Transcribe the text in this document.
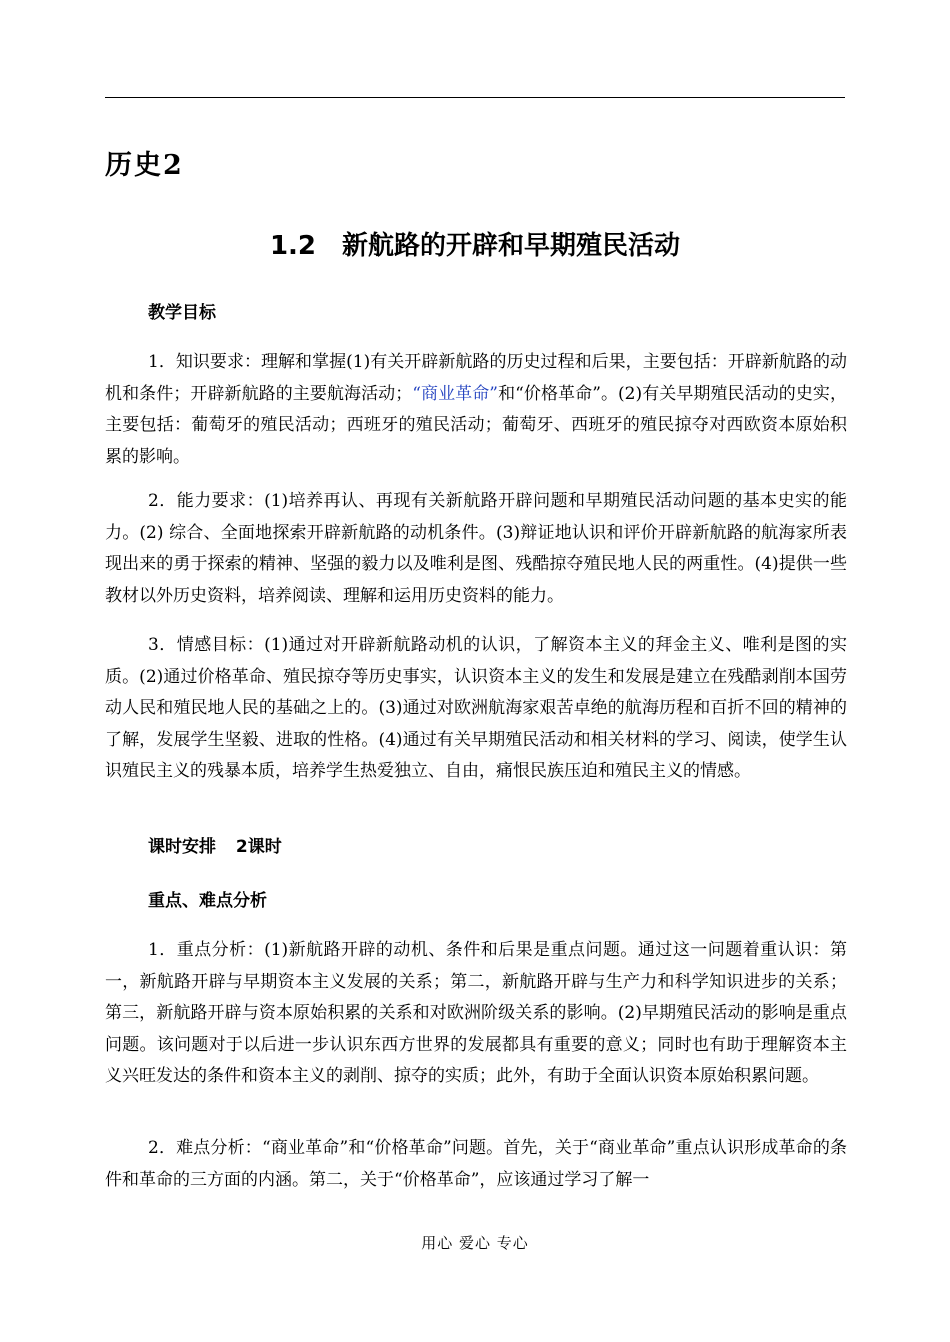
历史2
1.2 新航路的开辟和早期殖民活动
教学目标
1．知识要求：理解和掌握(1)有关开辟新航路的历史过程和后果，主要包括：开辟新航路的动机和条件；开辟新航路的主要航海活动；“商业革命”和“价格革命”。(2)有关早期殖民活动的史实，主要包括：葡萄牙的殖民活动；西班牙的殖民活动；葡萄牙、西班牙的殖民掠夺对西欧资本原始积累的影响。
2．能力要求：(1)培养再认、再现有关新航路开辟问题和早期殖民活动问题的基本史实的能力。(2) 综合、全面地探索开辟新航路的动机条件。(3)辩证地认识和评价开辟新航路的航海家所表现出来的勇于探索的精神、坚强的毅力以及唯利是图、残酷掠夺殖民地人民的两重性。(4)提供一些教材以外历史资料，培养阅读、理解和运用历史资料的能力。
3．情感目标：(1)通过对开辟新航路动机的认识，了解资本主义的拜金主义、唯利是图的实质。(2)通过价格革命、殖民掠夺等历史事实，认识资本主义的发生和发展是建立在残酷剥削本国劳动人民和殖民地人民的基础之上的。(3)通过对欧洲航海家艰苦卓绝的航海历程和百折不回的精神的了解，发展学生坚毅、进取的性格。(4)通过有关早期殖民活动和相关材料的学习、阅读，使学生认识殖民主义的残暴本质，培养学生热爱独立、自由，痛恨民族压迫和殖民主义的情感。
课时安排 2课时
重点、难点分析
1．重点分析：(1)新航路开辟的动机、条件和后果是重点问题。通过这一问题着重认识：第一，新航路开辟与早期资本主义发展的关系；第二，新航路开辟与生产力和科学知识进步的关系；第三，新航路开辟与资本原始积累的关系和对欧洲阶级关系的影响。(2)早期殖民活动的影响是重点问题。该问题对于以后进一步认识东西方世界的发展都具有重要的意义；同时也有助于理解资本主义兴旺发达的条件和资本主义的剥削、掠夺的实质；此外，有助于全面认识资本原始积累问题。
2．难点分析：“商业革命”和“价格革命”问题。首先，关于“商业革命”重点认识形成革命的条件和革命的三方面的内涵。第二，关于“价格革命”，应该通过学习了解一
用心 爱心 专心
